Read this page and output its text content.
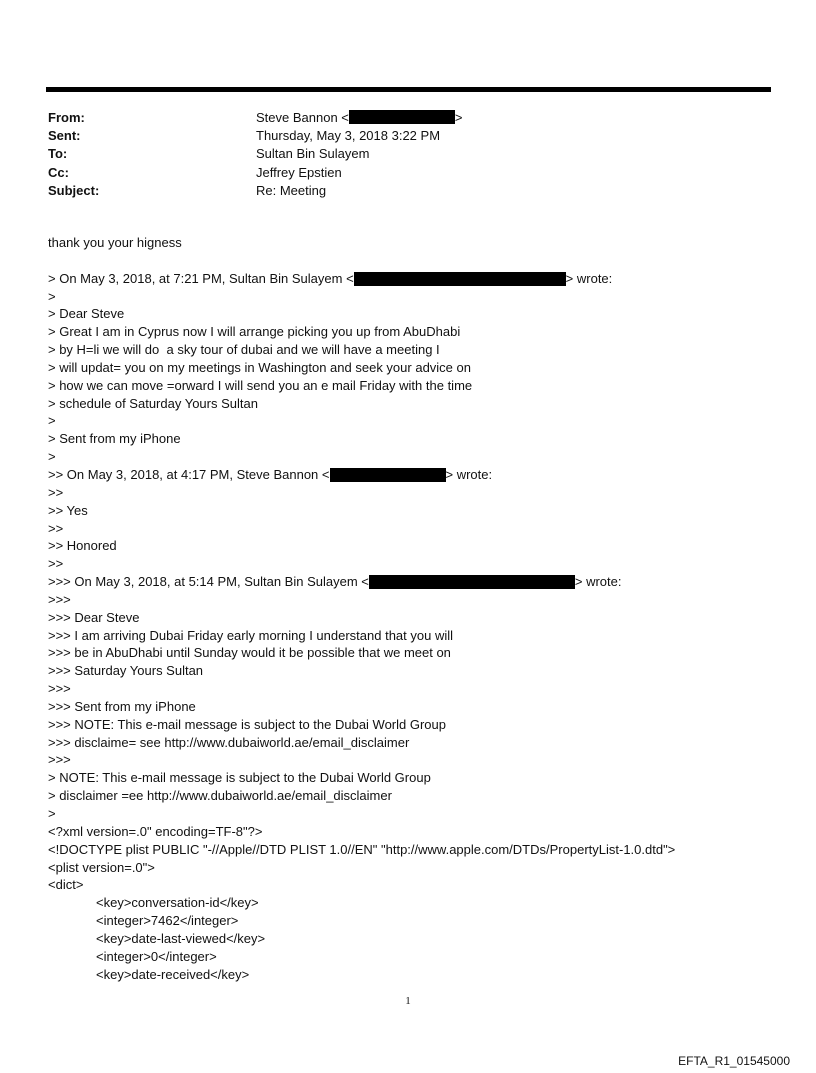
From:	Steve Bannon <	>
Sent:	Thursday, May 3, 2018 3:22 PM
To:	Sultan Bin Sulayem
Cc:	Jeffrey Epstien
Subject:	Re: Meeting
thank you your higness
> On May 3, 2018, at 7:21 PM, Sultan Bin Sulayem <	> wrote:
>
> Dear Steve
> Great I am in Cyprus now I will arrange picking you up from AbuDhabi
> by H=li we will do  a sky tour of dubai and we will have a meeting I
> will updat= you on my meetings in Washington and seek your advice on
> how we can move =orward I will send you an e mail Friday with the time
> schedule of Saturday Yours Sultan
>
> Sent from my iPhone
>
>> On May 3, 2018, at 4:17 PM, Steve Bannon <	> wrote:
>>
>> Yes
>>
>> Honored
>>
>>> On May 3, 2018, at 5:14 PM, Sultan Bin Sulayem <	> wrote:
>>>
>>> Dear Steve
>>> I am arriving Dubai Friday early morning I understand that you will
>>> be in AbuDhabi until Sunday would it be possible that we meet on
>>> Saturday Yours Sultan
>>>
>>> Sent from my iPhone
>>> NOTE: This e-mail message is subject to the Dubai World Group
>>> disclaime= see http://www.dubaiworld.ae/email_disclaimer
>>>
> NOTE: This e-mail message is subject to the Dubai World Group
> disclaimer =ee http://www.dubaiworld.ae/email_disclaimer
>
<?xml version=.0" encoding=TF-8"?>
<!DOCTYPE plist PUBLIC "-//Apple//DTD PLIST 1.0//EN" "http://www.apple.com/DTDs/PropertyList-1.0.dtd">
<plist version=.0">
<dict>
<key>conversation-id</key>
<integer>7462</integer>
<key>date-last-viewed</key>
<integer>0</integer>
<key>date-received</key>
1
EFTA_R1_01545000
